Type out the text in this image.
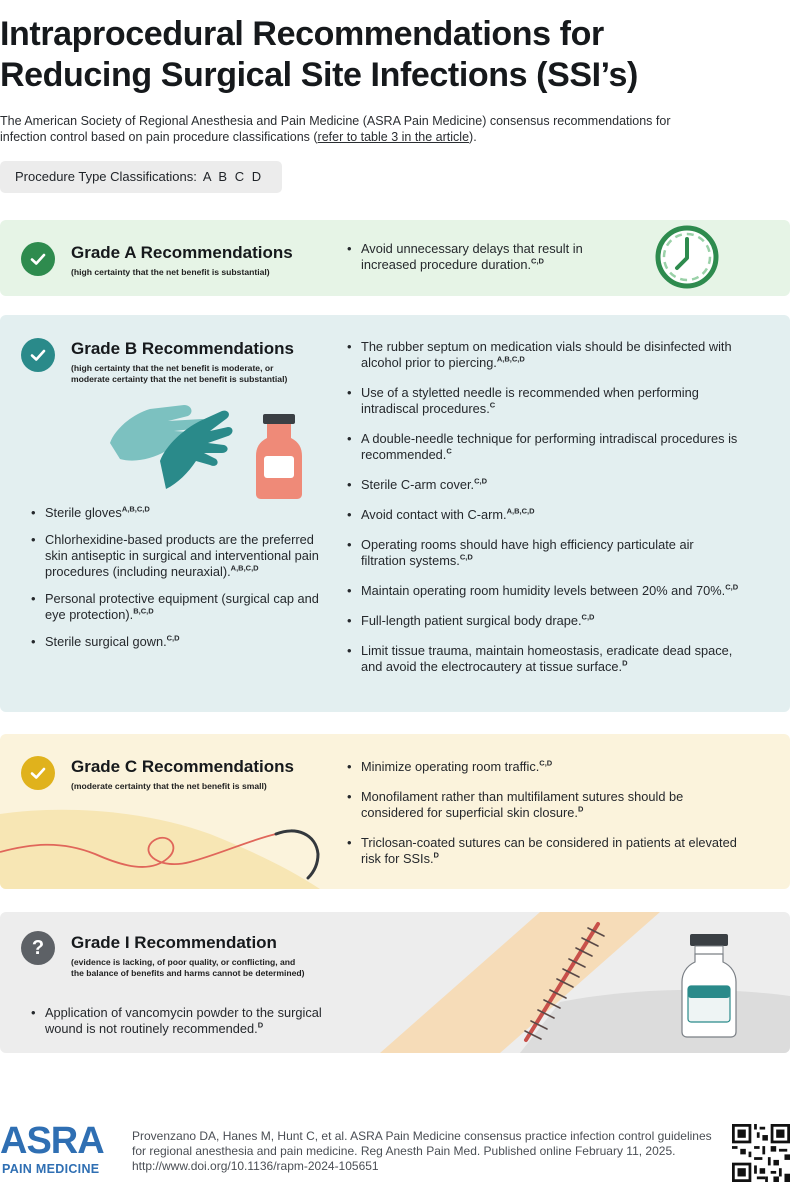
Intraprocedural Recommendations for
Reducing Surgical Site Infections (SSI’s)
The American Society of Regional Anesthesia and Pain Medicine (ASRA Pain Medicine) consensus recommendations for infection control based on pain procedure classifications (refer to table 3 in the article).
Procedure Type Classifications: A B C D
Grade A Recommendations
(high certainty that the net benefit is substantial)
• Avoid unnecessary delays that result in increased procedure duration.$^{C,D}$
Grade B Recommendations
(high certainty that the net benefit is moderate, or
moderate certainty that the net benefit is substantial)
• Sterile gloves$^{A,B,C,D}$
• Chlorhexidine-based products are the preferred skin antiseptic in surgical and interventional pain procedures (including neuraxial).$^{A,B,C,D}$
• Personal protective equipment (surgical cap and eye protection).$^{B,C,D}$
• Sterile surgical gown.$^{C,D}$
• The rubber septum on medication vials should be disinfected with alcohol prior to piercing.$^{A,B,C,D}$
• Use of a styletted needle is recommended when performing intradiscal procedures.$^C$
• A double-needle technique for performing intradiscal procedures is recommended.$^C$
• Sterile C-arm cover.$^{C,D}$
• Avoid contact with C-arm.$^{A,B,C,D}$
• Operating rooms should have high efficiency particulate air filtration systems.$^{C,D}$
• Maintain operating room humidity levels between 20% and 70%.$^{C,D}$
• Full-length patient surgical body drape.$^{C,D}$
• Limit tissue trauma, maintain homeostasis, eradicate dead space, and avoid the electrocautery at tissue surface.$^D$
Grade C Recommendations
(moderate certainty that the net benefit is small)
• Minimize operating room traffic.$^{C,D}$
• Monofilament rather than multifilament sutures should be considered for superficial skin closure.$^D$
• Triclosan-coated sutures can be considered in patients at elevated risk for SSIs.$^D$
? Grade I Recommendation
(evidence is lacking, of poor quality, or conflicting, and
the balance of benefits and harms cannot be determined)
• Application of vancomycin powder to the surgical wound is not routinely recommended.$^D$
ASRA
PAIN MEDICINE
Provenzano DA, Hanes M, Hunt C, et al. ASRA Pain Medicine consensus practice infection control guidelines for regional anesthesia and pain medicine. Reg Anesth Pain Med. Published online February 11, 2025. http://www.doi.org/10.1136/rapm-2024-105651
